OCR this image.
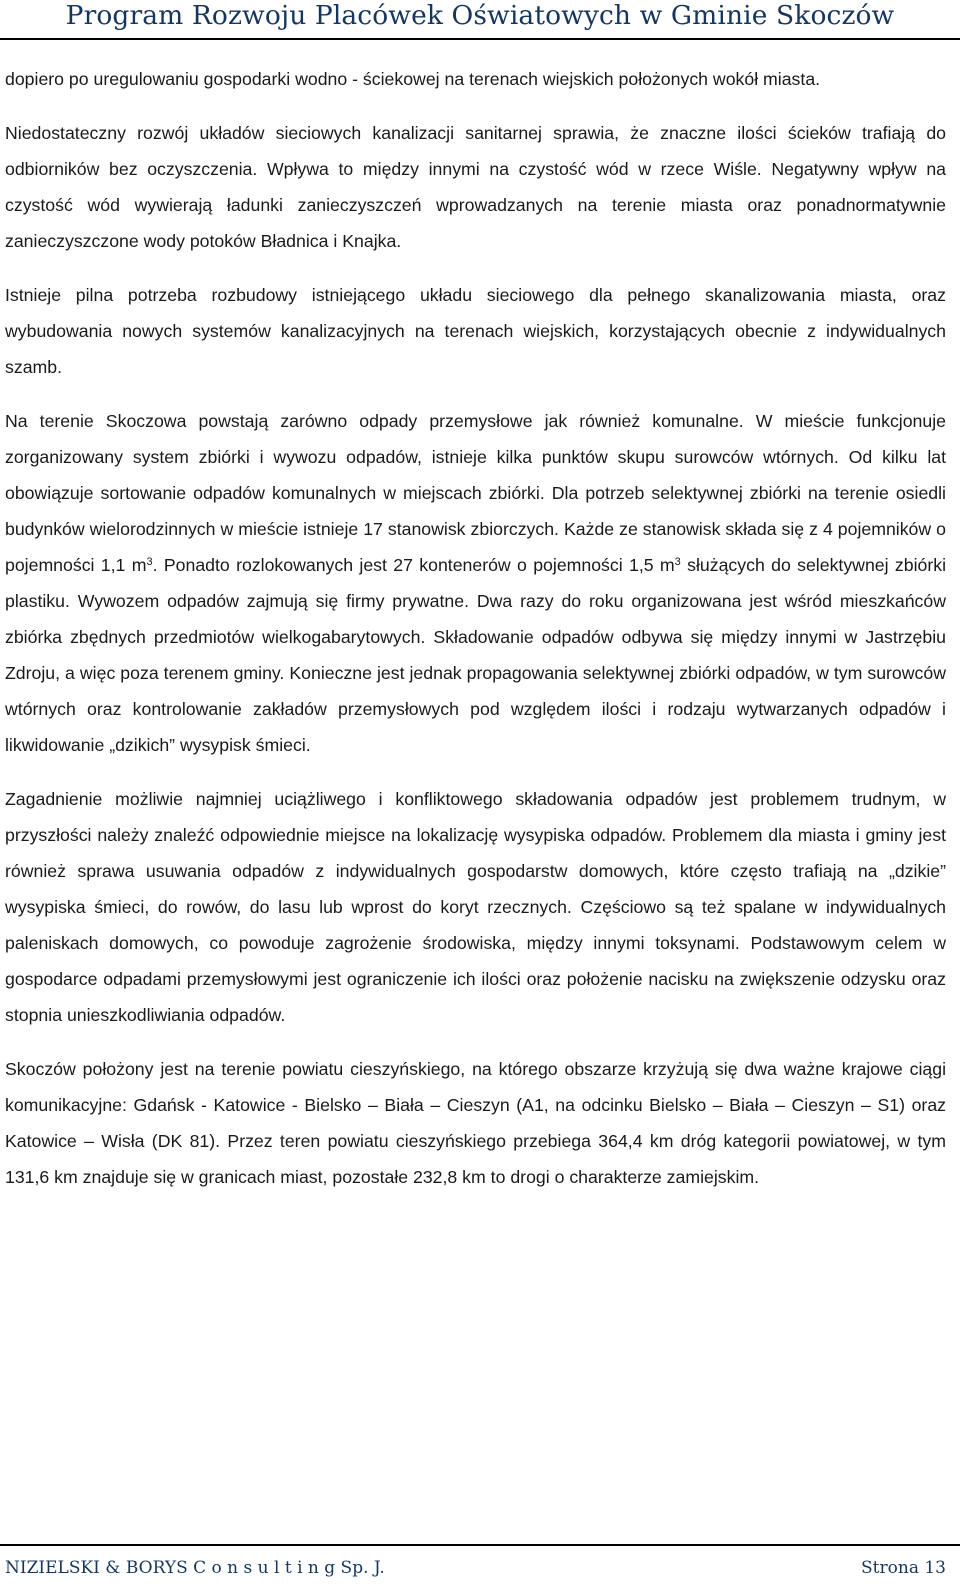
Program Rozwoju Placówek Oświatowych w Gminie Skoczów

dopiero po uregulowaniu gospodarki wodno - ściekowej na terenach wiejskich położonych wokół miasta.

Niedostateczny rozwój układów sieciowych kanalizacji sanitarnej sprawia, że znaczne ilości ścieków trafiają do odbiorników bez oczyszczenia. Wpływa to między innymi na czystość wód w rzece Wiśle. Negatywny wpływ na czystość wód wywierają ładunki zanieczyszczeń wprowadzanych na terenie miasta oraz ponadnormatywnie zanieczyszczone wody potoków Bładnica i Knajka.

Istnieje pilna potrzeba rozbudowy istniejącego układu sieciowego dla pełnego skanalizowania miasta, oraz wybudowania nowych systemów kanalizacyjnych na terenach wiejskich, korzystających obecnie z indywidualnych szamb.

Na terenie Skoczowa powstają zarówno odpady przemysłowe jak również komunalne. W mieście funkcjonuje zorganizowany system zbiórki i wywozu odpadów, istnieje kilka punktów skupu surowców wtórnych. Od kilku lat obowiązuje sortowanie odpadów komunalnych w miejscach zbiórki. Dla potrzeb selektywnej zbiórki na terenie osiedli budynków wielorodzinnych w mieście istnieje 17 stanowisk zbiorczych. Każde ze stanowisk składa się z 4 pojemników o pojemności 1,1 $m^3$. Ponadto rozlokowanych jest 27 kontenerów o pojemności 1,5 $m^3$ służących do selektywnej zbiórki plastiku. Wywozem odpadów zajmują się firmy prywatne. Dwa razy do roku organizowana jest wśród mieszkańców zbiórka zbędnych przedmiotów wielkogabarytowych. Składowanie odpadów odbywa się między innymi w Jastrzębiu Zdroju, a więc poza terenem gminy. Konieczne jest jednak propagowania selektywnej zbiórki odpadów, w tym surowców wtórnych oraz kontrolowanie zakładów przemysłowych pod względem ilości i rodzaju wytwarzanych odpadów i likwidowanie „dzikich” wysypisk śmieci.

Zagadnienie możliwie najmniej uciążliwego i konfliktowego składowania odpadów jest problemem trudnym, w przyszłości należy znaleźć odpowiednie miejsce na lokalizację wysypiska odpadów. Problemem dla miasta i gminy jest również sprawa usuwania odpadów z indywidualnych gospodarstw domowych, które często trafiają na „dzikie” wysypiska śmieci, do rowów, do lasu lub wprost do koryt rzecznych. Częściowo są też spalane w indywidualnych paleniskach domowych, co powoduje zagrożenie środowiska, między innymi toksynami. Podstawowym celem w gospodarce odpadami przemysłowymi jest ograniczenie ich ilości oraz położenie nacisku na zwiększenie odzysku oraz stopnia unieszkodliwiania odpadów.

Skoczów położony jest na terenie powiatu cieszyńskiego, na którego obszarze krzyżują się dwa ważne krajowe ciągi komunikacyjne: Gdańsk - Katowice - Bielsko – Biała – Cieszyn (A1, na odcinku Bielsko – Biała – Cieszyn – S1) oraz Katowice – Wisła (DK 81). Przez teren powiatu cieszyńskiego przebiega 364,4 km dróg kategorii powiatowej, w tym 131,6 km znajduje się w granicach miast, pozostałe 232,8 km to drogi o charakterze zamiejskim.

NIZIELSKI & BORYS C o n s u l t i n g Sp. J.	Strona 13
